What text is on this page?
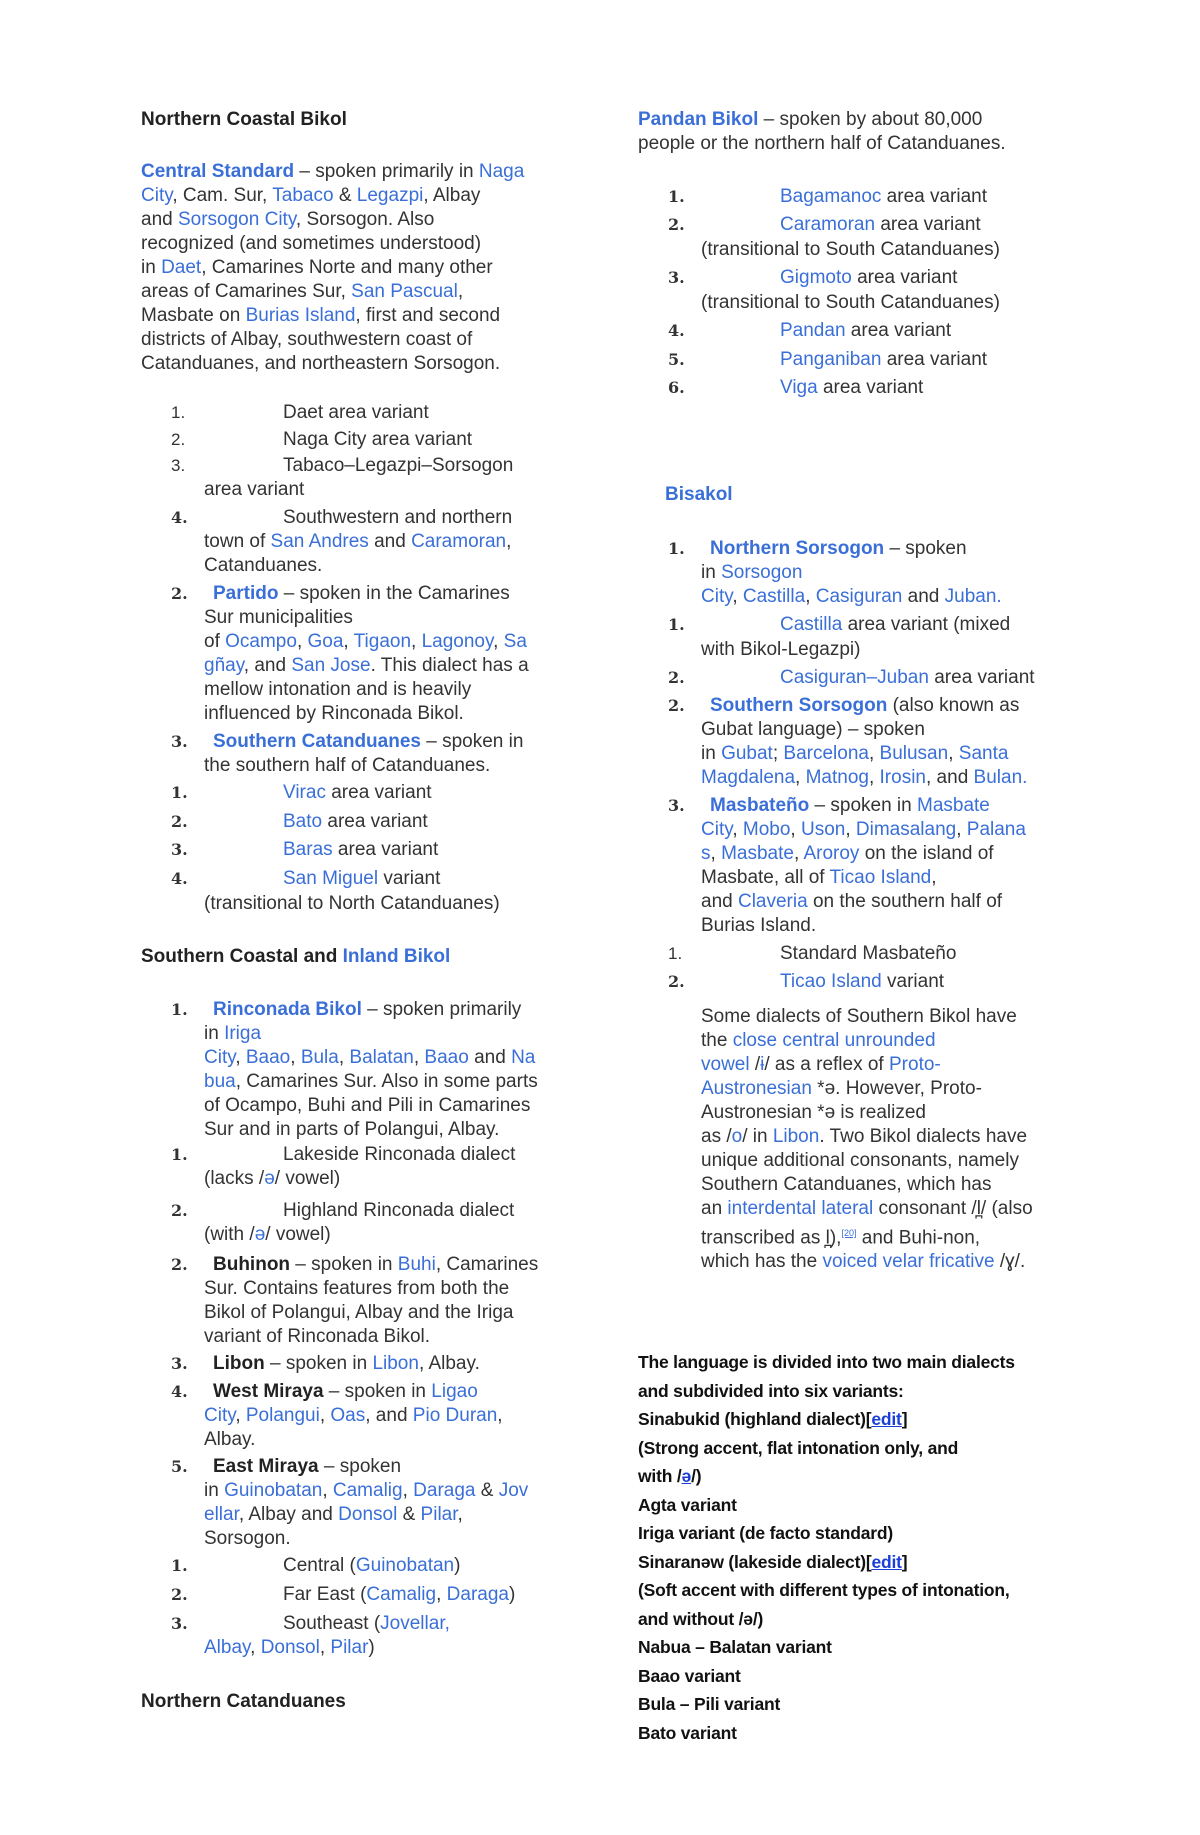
Northern Coastal Bikol

Central Standard – spoken primarily in Naga
City, Cam. Sur, Tabaco & Legazpi, Albay
and Sorsogon City, Sorsogon. Also
recognized (and sometimes understood)
in Daet, Camarines Norte and many other
areas of Camarines Sur, San Pascual,
Masbate on Burias Island, first and second
districts of Albay, southwestern coast of
Catanduanes, and northeastern Sorsogon.
1.	Daet area variant
2.	Naga City area variant
3.	Tabaco–Legazpi–Sorsogon
area variant
4.	Southwestern and northern
town of San Andres and Caramoran,
Catanduanes.
2.	Partido – spoken in the Camarines
Sur municipalities
of Ocampo, Goa, Tigaon, Lagonoy, Sa
gñay, and San Jose. This dialect has a
mellow intonation and is heavily
influenced by Rinconada Bikol.
3.	Southern Catanduanes – spoken in
the southern half of Catanduanes.
1.	Virac area variant
2.	Bato area variant
3.	Baras area variant
4.	San Miguel variant
(transitional to North Catanduanes)

Southern Coastal and Inland Bikol

1.	Rinconada Bikol – spoken primarily
in Iriga
City, Baao, Bula, Balatan, Baao and Na
bua, Camarines Sur. Also in some parts
of Ocampo, Buhi and Pili in Camarines
Sur and in parts of Polangui, Albay.
1.	Lakeside Rinconada dialect
(lacks /ə/ vowel)
2.	Highland Rinconada dialect
(with /ə/ vowel)
2.	Buhinon – spoken in Buhi, Camarines
Sur. Contains features from both the
Bikol of Polangui, Albay and the Iriga
variant of Rinconada Bikol.
3.	Libon – spoken in Libon, Albay.
4.	West Miraya – spoken in Ligao
City, Polangui, Oas, and Pio Duran,
Albay.
5.	East Miraya – spoken
in Guinobatan, Camalig, Daraga & Jov
ellar, Albay and Donsol & Pilar,
Sorsogon.
1.	Central (Guinobatan)
2.	Far East (Camalig, Daraga)
3.	Southeast (Jovellar,
Albay, Donsol, Pilar)

Northern Catanduanes

Pandan Bikol – spoken by about 80,000
people or the northern half of Catanduanes.
1.	Bagamanoc area variant
2.	Caramoran area variant
(transitional to South Catanduanes)
3.	Gigmoto area variant
(transitional to South Catanduanes)
4.	Pandan area variant
5.	Panganiban area variant
6.	Viga area variant

Bisakol

1.	Northern Sorsogon – spoken
in Sorsogon
City, Castilla, Casiguran and Juban.
1.	Castilla area variant (mixed
with Bikol-Legazpi)
2.	Casiguran–Juban area variant
2.	Southern Sorsogon (also known as
Gubat language) – spoken
in Gubat; Barcelona, Bulusan, Santa
Magdalena, Matnog, Irosin, and Bulan.
3.	Masbateño – spoken in Masbate
City, Mobo, Uson, Dimasalang, Palana
s, Masbate, Aroroy on the island of
Masbate, all of Ticao Island,
and Claveria on the southern half of
Burias Island.
1.	Standard Masbateño
2.	Ticao Island variant
Some dialects of Southern Bikol have
the close central unrounded
vowel /ɨ/ as a reflex of Proto-
Austronesian *ə. However, Proto-
Austronesian *ə is realized
as /o/ in Libon. Two Bikol dialects have
unique additional consonants, namely
Southern Catanduanes, which has
an interdental lateral consonant /l̪/ (also
transcribed as l̪),[20] and Buhi-non,
which has the voiced velar fricative /ɣ/.
The language is divided into two main dialects
and subdivided into six variants:
Sinabukid (highland dialect)[edit]
(Strong accent, flat intonation only, and
with /ə/)
Agta variant
Iriga variant (de facto standard)
Sinaranəw (lakeside dialect)[edit]
(Soft accent with different types of intonation,
and without /ə/)
Nabua – Balatan variant
Baao variant
Bula – Pili variant
Bato variant
